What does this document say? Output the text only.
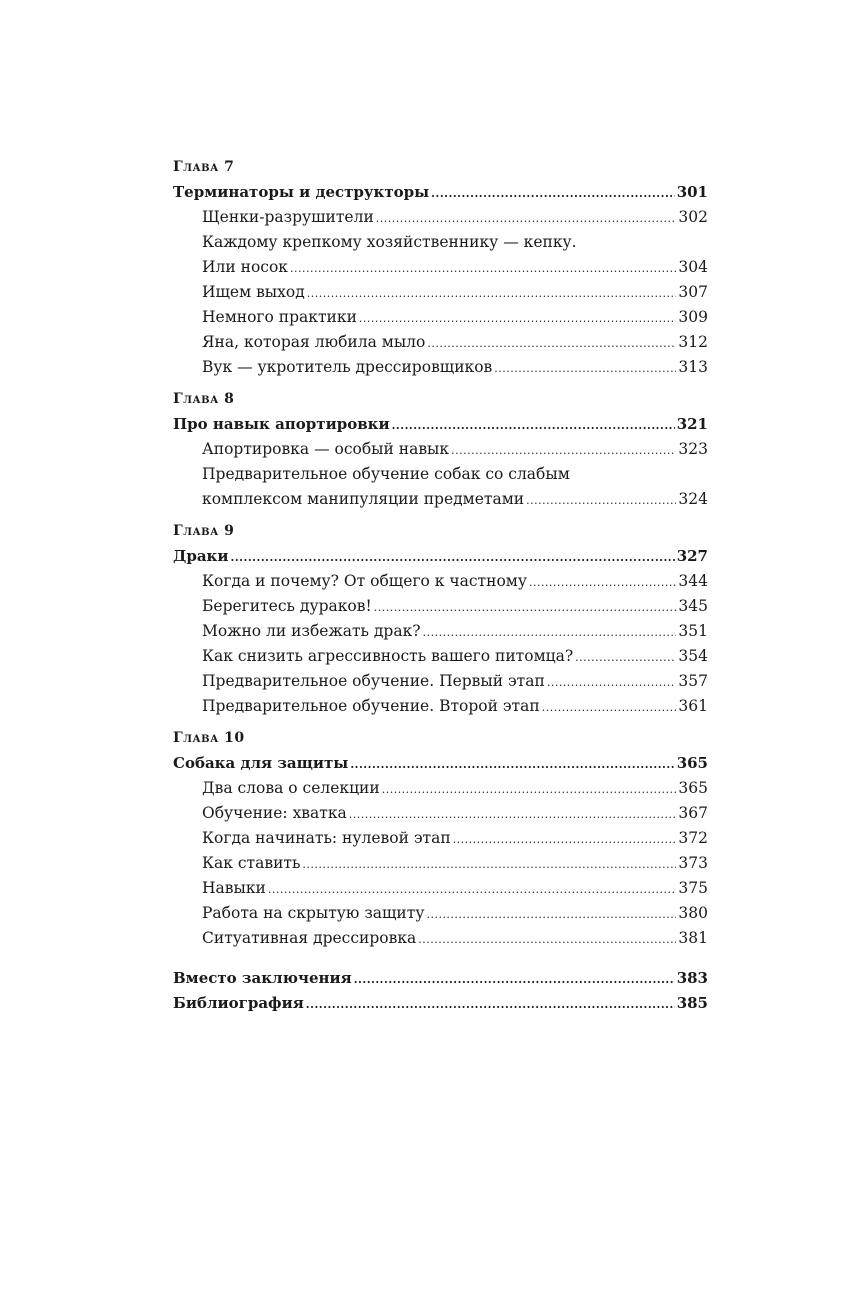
Глава 7
Терминаторы и деструкторы .....	301
Щенки-разрушители .....	302
Каждому крепкому хозяйственнику — кепку.
Или носок .....	304
Ищем выход .....	307
Немного практики .....	309
Яна, которая любила мыло .....	312
Вук — укротитель дрессировщиков .....	313
Глава 8
Про навык апортировки .....	321
Апортировка — особый навык .....	323
Предварительное обучение собак со слабым
комплексом манипуляции предметами .....	324
Глава 9
Драки .....	327
Когда и почему? От общего к частному .....	344
Берегитесь дураков! .....	345
Можно ли избежать драк? .....	351
Как снизить агрессивность вашего питомца? .....	354
Предварительное обучение. Первый этап .....	357
Предварительное обучение. Второй этап .....	361
Глава 10
Собака для защиты .....	365
Два слова о селекции .....	365
Обучение: хватка .....	367
Когда начинать: нулевой этап .....	372
Как ставить .....	373
Навыки .....	375
Работа на скрытую защиту .....	380
Ситуативная дрессировка .....	381
Вместо заключения .....	383
Библиография .....	385
